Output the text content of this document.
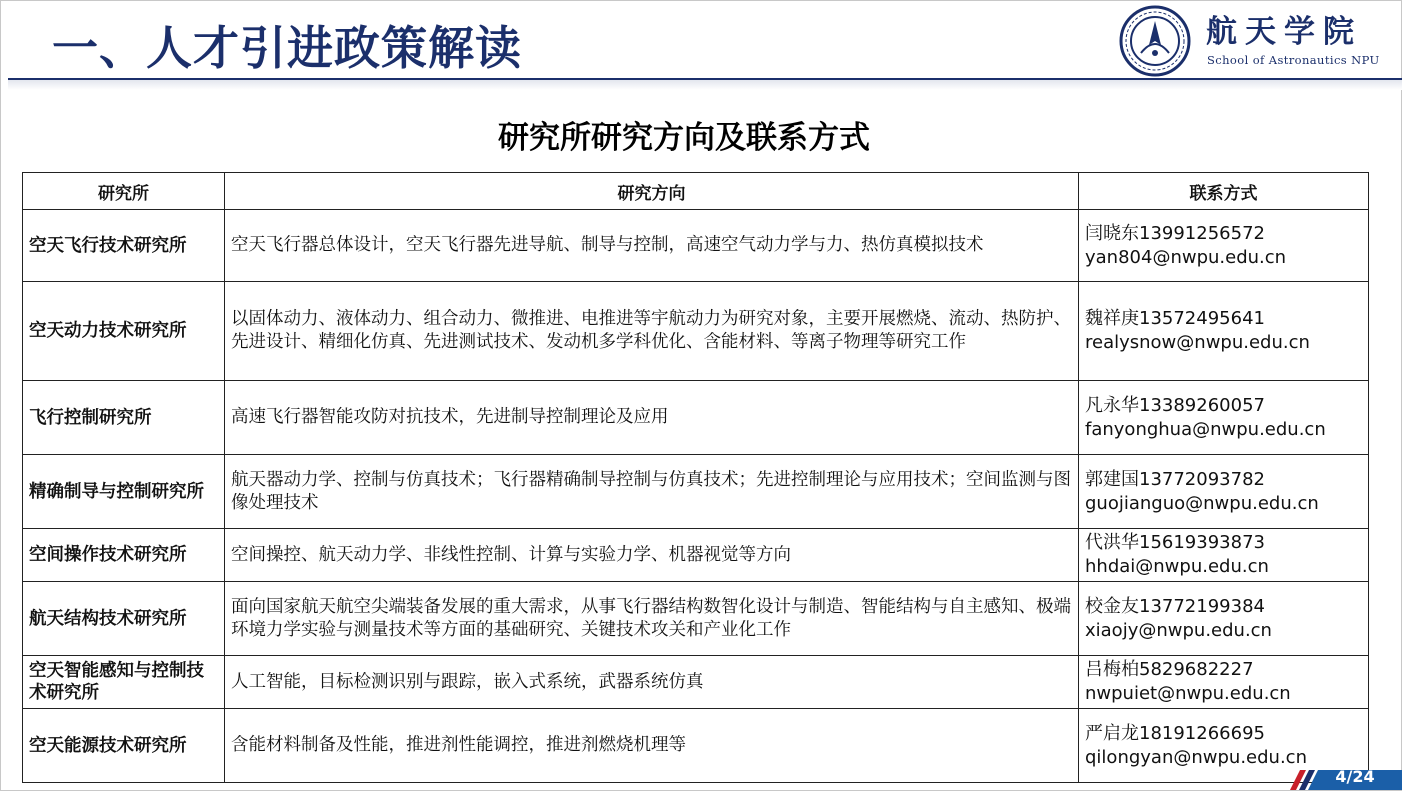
一、人才引进政策解读	航天学院
School of Astronautics NPU
研究所研究方向及联系方式
研究所	研究方向	联系方式
空天飞行技术研究所	空天飞行器总体设计，空天飞行器先进导航、制导与控制，高速空气动力学与力、热仿真模拟技术	闫晓东13991256572
yan804@nwpu.edu.cn

空天动力技术研究所	以固体动力、液体动力、组合动力、微推进、电推进等宇航动力为研究对象，主要开展燃烧、流动、热防护、先进设计、精细化仿真、先进测试技术、发动机多学科优化、含能材料、等离子物理等研究工作	魏祥庚13572495641
realysnow@nwpu.edu.cn

飞行控制研究所	高速飞行器智能攻防对抗技术，先进制导控制理论及应用	凡永华13389260057
fanyonghua@nwpu.edu.cn

精确制导与控制研究所	航天器动力学、控制与仿真技术；飞行器精确制导控制与仿真技术；先进控制理论与应用技术；空间监测与图像处理技术	郭建国13772093782
guojianguo@nwpu.edu.cn

空间操作技术研究所	空间操控、航天动力学、非线性控制、计算与实验力学、机器视觉等方向	代洪华15619393873
hhdai@nwpu.edu.cn

航天结构技术研究所	面向国家航天航空尖端装备发展的重大需求，从事飞行器结构数智化设计与制造、智能结构与自主感知、极端环境力学实验与测量技术等方面的基础研究、关键技术攻关和产业化工作	校金友13772199384
xiaojy@nwpu.edu.cn

空天智能感知与控制技术研究所	人工智能，目标检测识别与跟踪，嵌入式系统，武器系统仿真	吕梅柏5829682227
nwpuiet@nwpu.edu.cn

空天能源技术研究所	含能材料制备及性能，推进剂性能调控，推进剂燃烧机理等	严启龙18191266695
qilongyan@nwpu.edu.cn
4/24
